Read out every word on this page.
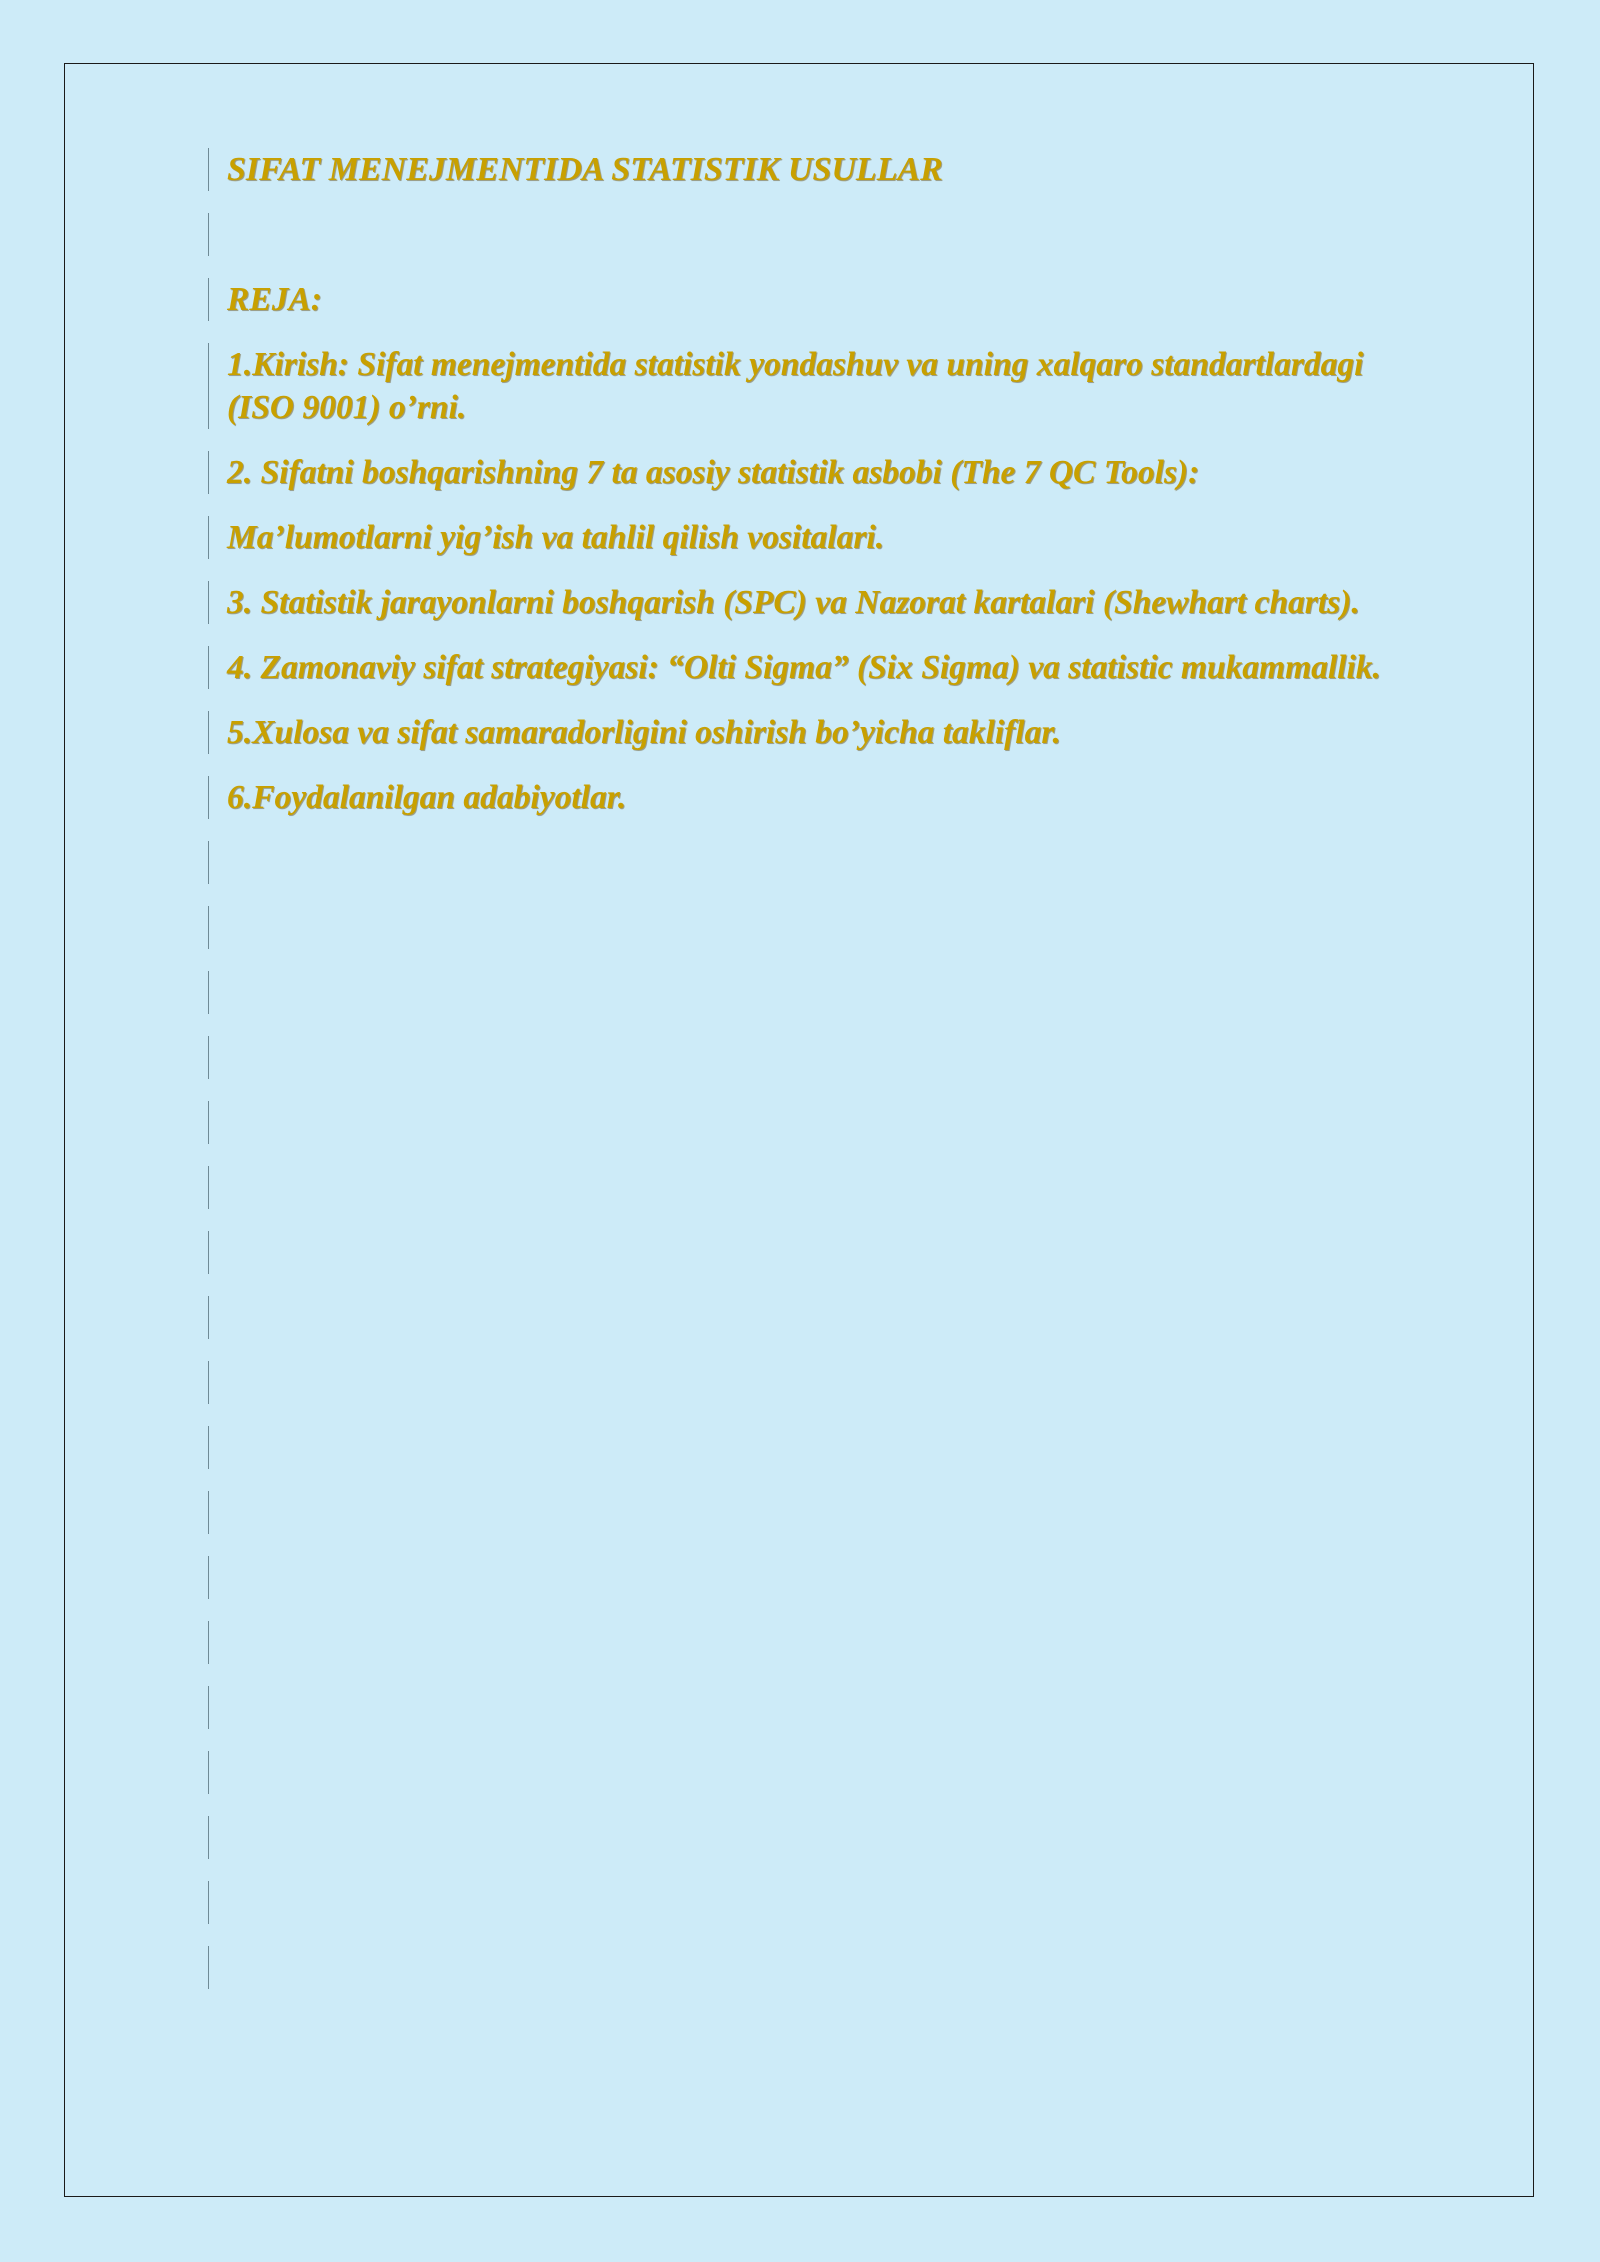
SIFAT MENEJMENTIDA STATISTIK USULLAR
REJA:
1.Kirish: Sifat menejmentida statistik yondashuv va uning xalqaro standartlardagi (ISO 9001) o’rni.
2. Sifatni boshqarishning 7 ta asosiy statistik asbobi (The 7 QC Tools):
Ma’lumotlarni yig’ish va tahlil qilish vositalari.
3. Statistik jarayonlarni boshqarish (SPC) va Nazorat kartalari (Shewhart charts).
4. Zamonaviy sifat strategiyasi: “Olti Sigma” (Six Sigma) va statistic mukammallik.
5.Xulosa va sifat samaradorligini oshirish bo’yicha takliflar.
6.Foydalanilgan adabiyotlar.
